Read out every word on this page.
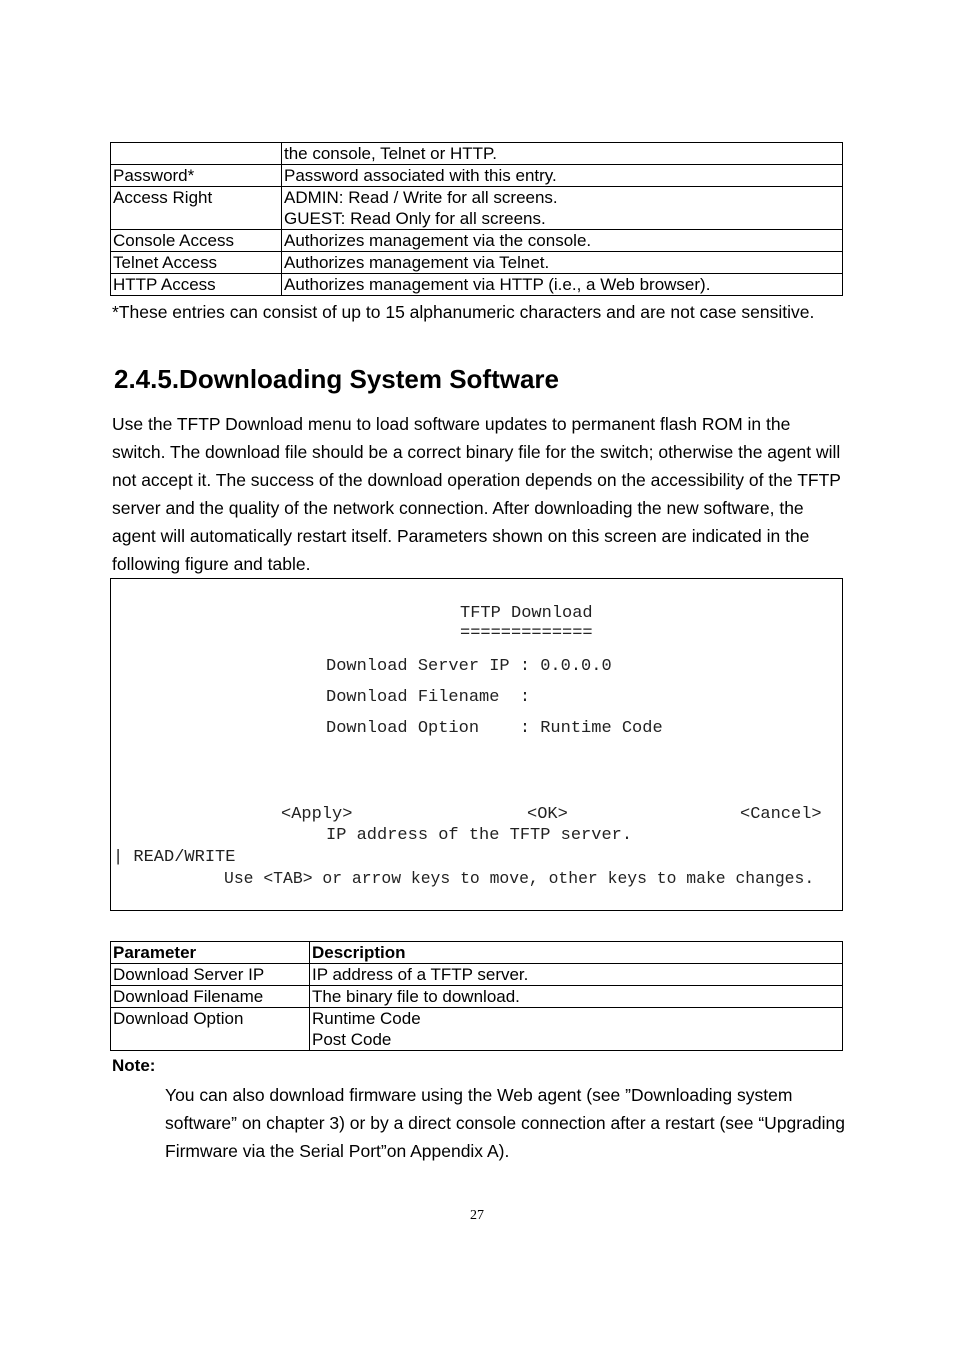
	the console, Telnet or HTTP.
Password*	Password associated with this entry.
Access Right	ADMIN: Read / Write for all screens.
GUEST: Read Only for all screens.

Console Access	Authorizes management via the console.
Telnet Access	Authorizes management via Telnet.
HTTP Access	Authorizes management via HTTP (i.e., a Web browser).

*These entries can consist of up to 15 alphanumeric characters and are not case sensitive.

2.4.5.Downloading System Software

Use the TFTP Download menu to load software updates to permanent flash ROM in the switch. The download file should be a correct binary file for the switch; otherwise the agent will not accept it. The success of the download operation depends on the accessibility of the TFTP server and the quality of the network connection. After downloading the new software, the agent will automatically restart itself. Parameters shown on this screen are indicated in the following figure and table.

TFTP Download
=============
Download Server IP : 0.0.0.0
Download Filename  :
Download Option    : Runtime Code
<Apply>	<OK>	<Cancel>
IP address of the TFTP server.
| READ/WRITE
Use <TAB> or arrow keys to move, other keys to make changes.
Parameter	Description
Download Server IP	IP address of a TFTP server.
Download Filename	The binary file to download.
Download Option	Runtime Code
Post Code

Note:

You can also download firmware using the Web agent (see ”Downloading system software” on chapter 3) or by a direct console connection after a restart (see “Upgrading Firmware via the Serial Port”on Appendix A).

27
